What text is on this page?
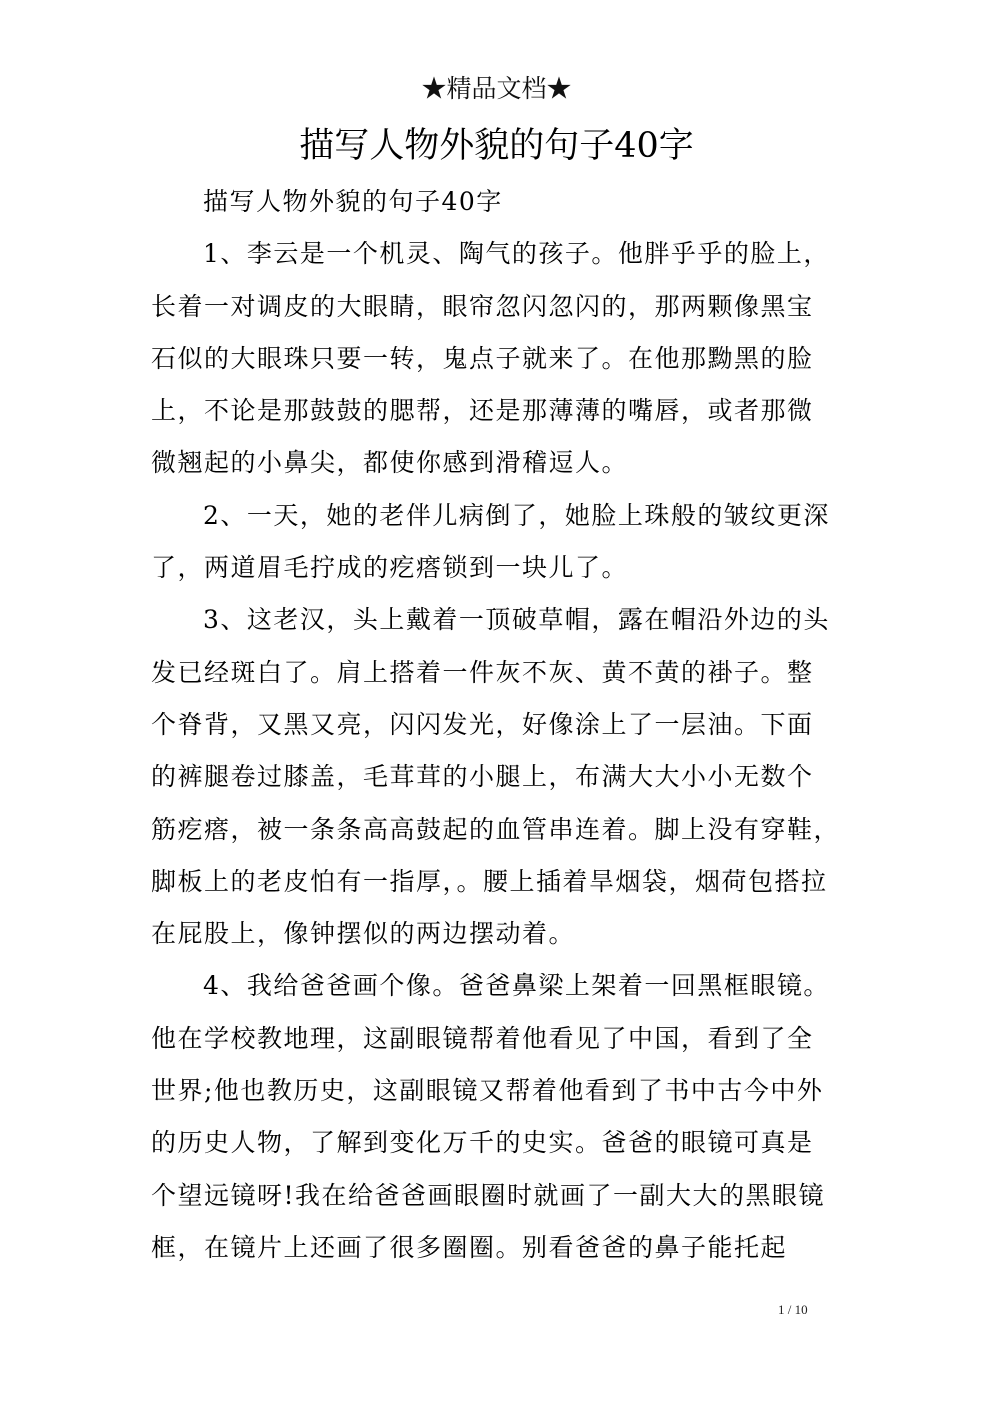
★精品文档★
描写人物外貌的句子40字
描写人物外貌的句子40字
1、李云是一个机灵、陶气的孩子。他胖乎乎的脸上，
长着一对调皮的大眼睛，眼帘忽闪忽闪的，那两颗像黑宝
石似的大眼珠只要一转，鬼点子就来了。在他那黝黑的脸
上，不论是那鼓鼓的腮帮，还是那薄薄的嘴唇，或者那微
微翘起的小鼻尖，都使你感到滑稽逗人。
2、一天，她的老伴儿病倒了，她脸上珠般的皱纹更深
了，两道眉毛拧成的疙瘩锁到一块儿了。
3、这老汉，头上戴着一顶破草帽，露在帽沿外边的头
发已经斑白了。肩上搭着一件灰不灰、黄不黄的褂子。整
个脊背，又黑又亮，闪闪发光，好像涂上了一层油。下面
的裤腿卷过膝盖，毛茸茸的小腿上，布满大大小小无数个
筋疙瘩，被一条条高高鼓起的血管串连着。脚上没有穿鞋，
脚板上的老皮怕有一指厚，。腰上插着旱烟袋，烟荷包搭拉
在屁股上，像钟摆似的两边摆动着。
4、我给爸爸画个像。爸爸鼻梁上架着一回黑框眼镜。
他在学校教地理，这副眼镜帮着他看见了中国，看到了全
世界;他也教历史，这副眼镜又帮着他看到了书中古今中外
的历史人物，了解到变化万千的史实。爸爸的眼镜可真是
个望远镜呀!我在给爸爸画眼圈时就画了一副大大的黑眼镜
框，在镜片上还画了很多圈圈。别看爸爸的鼻子能托起
1 / 10
